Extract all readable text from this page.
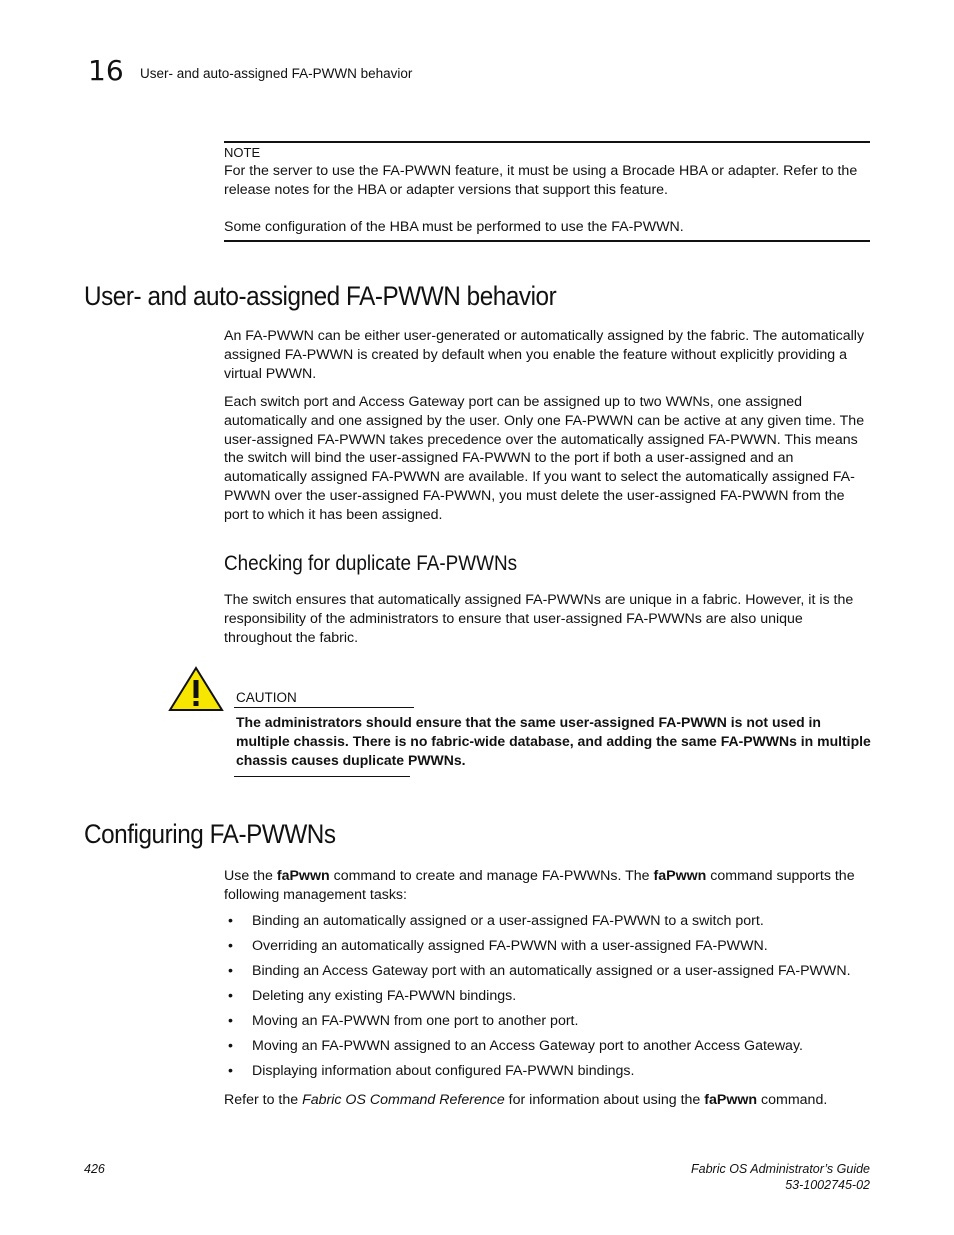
16 User- and auto-assigned FA-PWWN behavior
NOTE
For the server to use the FA-PWWN feature, it must be using a Brocade HBA or adapter. Refer to the release notes for the HBA or adapter versions that support this feature.
Some configuration of the HBA must be performed to use the FA-PWWN.
User- and auto-assigned FA-PWWN behavior
An FA-PWWN can be either user-generated or automatically assigned by the fabric. The automatically assigned FA-PWWN is created by default when you enable the feature without explicitly providing a virtual PWWN.
Each switch port and Access Gateway port can be assigned up to two WWNs, one assigned automatically and one assigned by the user. Only one FA-PWWN can be active at any given time. The user-assigned FA-PWWN takes precedence over the automatically assigned FA-PWWN. This means the switch will bind the user-assigned FA-PWWN to the port if both a user-assigned and an automatically assigned FA-PWWN are available. If you want to select the automatically assigned FA-PWWN over the user-assigned FA-PWWN, you must delete the user-assigned FA-PWWN from the port to which it has been assigned.
Checking for duplicate FA-PWWNs
The switch ensures that automatically assigned FA-PWWNs are unique in a fabric. However, it is the responsibility of the administrators to ensure that user-assigned FA-PWWNs are also unique throughout the fabric.
CAUTION
The administrators should ensure that the same user-assigned FA-PWWN is not used in multiple chassis. There is no fabric-wide database, and adding the same FA-PWWNs in multiple chassis causes duplicate PWWNs.
Configuring FA-PWWNs
Use the faPwwn command to create and manage FA-PWWNs. The faPwwn command supports the following management tasks:
• Binding an automatically assigned or a user-assigned FA-PWWN to a switch port.
• Overriding an automatically assigned FA-PWWN with a user-assigned FA-PWWN.
• Binding an Access Gateway port with an automatically assigned or a user-assigned FA-PWWN.
• Deleting any existing FA-PWWN bindings.
• Moving an FA-PWWN from one port to another port.
• Moving an FA-PWWN assigned to an Access Gateway port to another Access Gateway.
• Displaying information about configured FA-PWWN bindings.
Refer to the Fabric OS Command Reference for information about using the faPwwn command.
426	Fabric OS Administrator’s Guide
53-1002745-02
